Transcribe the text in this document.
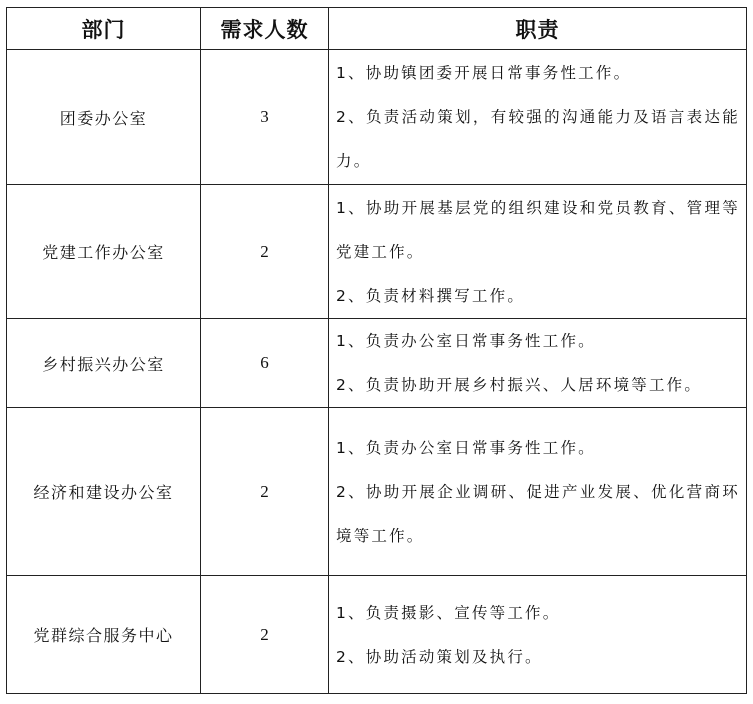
部门	需求人数	职责
团委办公室	3	1、协助镇团委开展日常事务性工作。
2、负责活动策划，有较强的沟通能力及语言表达能力。

党建工作办公室	2	1、协助开展基层党的组织建设和党员教育、管理等党建工作。
2、负责材料撰写工作。

乡村振兴办公室	6	1、负责办公室日常事务性工作。
2、负责协助开展乡村振兴、人居环境等工作。

经济和建设办公室	2	1、负责办公室日常事务性工作。
2、协助开展企业调研、促进产业发展、优化营商环境等工作。

党群综合服务中心	2	1、负责摄影、宣传等工作。
2、协助活动策划及执行。
